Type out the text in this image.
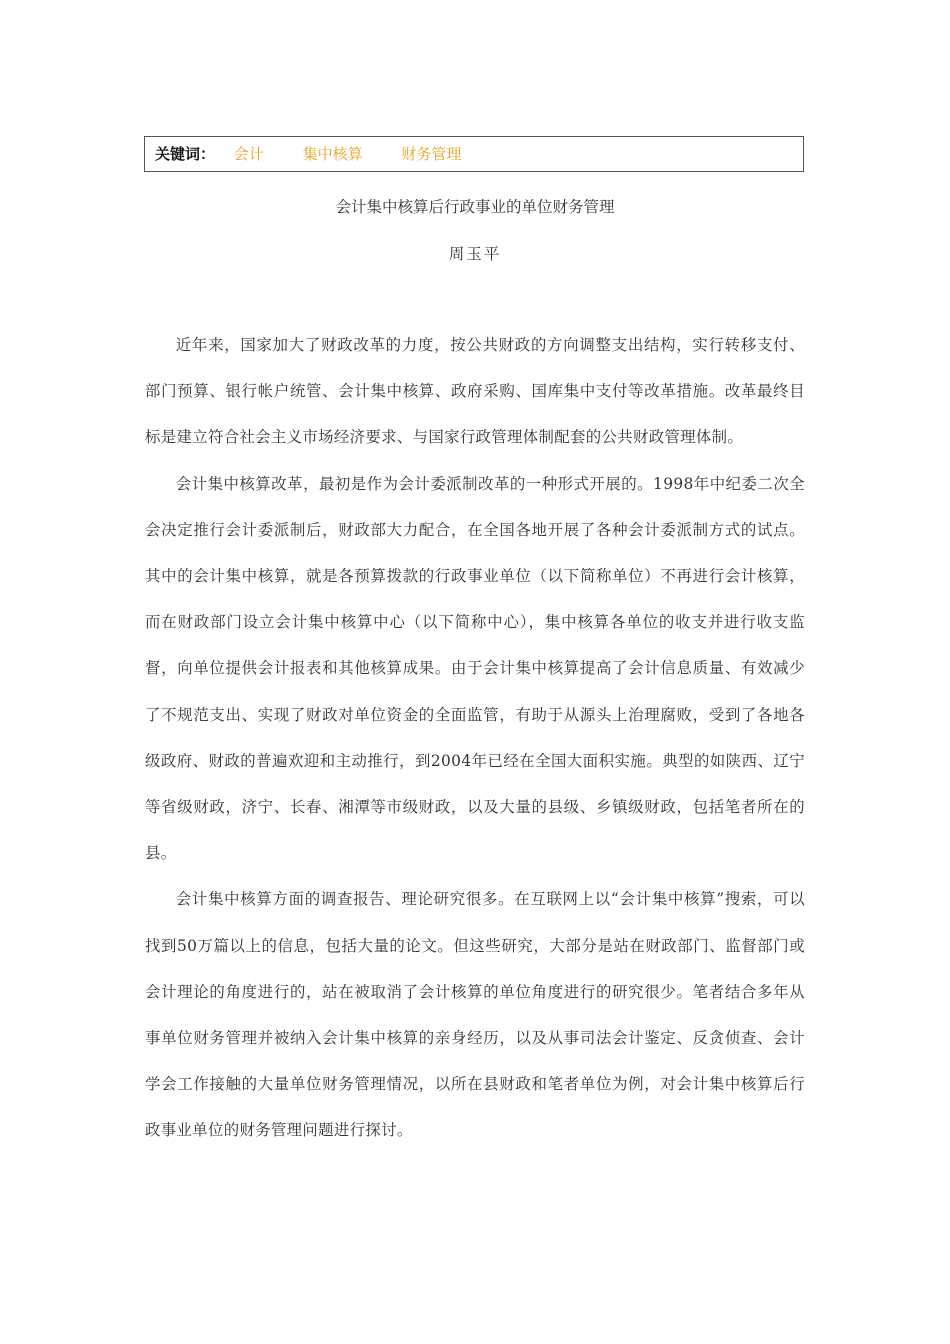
关键词： 会计	集中核算	财务管理
会计集中核算后行政事业的单位财务管理
周玉平

近年来，国家加大了财政改革的力度，按公共财政的方向调整支出结构，实行转移支付、部门预算、银行帐户统管、会计集中核算、政府采购、国库集中支付等改革措施。改革最终目标是建立符合社会主义市场经济要求、与国家行政管理体制配套的公共财政管理体制。

会计集中核算改革，最初是作为会计委派制改革的一种形式开展的。1998年中纪委二次全会决定推行会计委派制后，财政部大力配合，在全国各地开展了各种会计委派制方式的试点。其中的会计集中核算，就是各预算拨款的行政事业单位（以下简称单位）不再进行会计核算，而在财政部门设立会计集中核算中心（以下简称中心），集中核算各单位的收支并进行收支监督，向单位提供会计报表和其他核算成果。由于会计集中核算提高了会计信息质量、有效减少了不规范支出、实现了财政对单位资金的全面监管，有助于从源头上治理腐败，受到了各地各级政府、财政的普遍欢迎和主动推行，到2004年已经在全国大面积实施。典型的如陕西、辽宁等省级财政，济宁、长春、湘潭等市级财政，以及大量的县级、乡镇级财政，包括笔者所在的县。

会计集中核算方面的调查报告、理论研究很多。在互联网上以“会计集中核算”搜索，可以找到50万篇以上的信息，包括大量的论文。但这些研究，大部分是站在财政部门、监督部门或会计理论的角度进行的，站在被取消了会计核算的单位角度进行的研究很少。笔者结合多年从事单位财务管理并被纳入会计集中核算的亲身经历，以及从事司法会计鉴定、反贪侦查、会计学会工作接触的大量单位财务管理情况，以所在县财政和笔者单位为例，对会计集中核算后行政事业单位的财务管理问题进行探讨。
